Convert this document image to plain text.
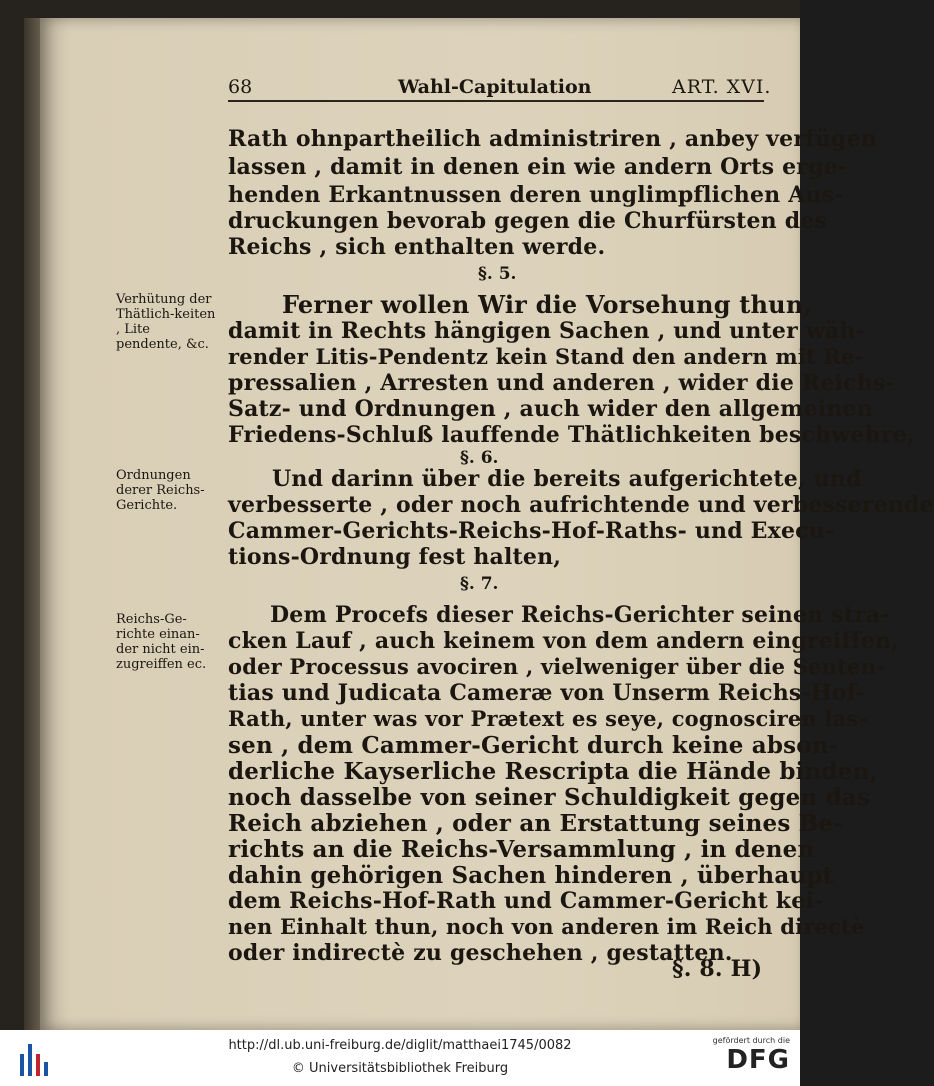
68	Wahl-Capitulation	ART. XVI.
Verhütung der Thätlich-keiten , Lite pendente, &c.
Ordnungen derer Reichs-Gerichte.
Reichs-Ge-richte einan-der nicht ein-zugreiffen ec.
Rath ohnpartheilich administriren , anbey verfügen
lassen , damit in denen ein wie andern Orts erge-
henden Erkantnussen deren unglimpflichen Aus-
druckungen bevorab gegen die Churfürsten des
Reichs , sich enthalten werde.
§. 5.
Ferner wollen Wir die Vorsehung thun,
damit in Rechts hängigen Sachen , und unter wäh-
render Litis-Pendentz kein Stand den andern mit Re-
pressalien , Arresten und anderen , wider die Reichs-
Satz- und Ordnungen , auch wider den allgemeinen
Friedens-Schluß lauffende Thätlichkeiten beschwehre,
§. 6.
Und darinn über die bereits aufgerichtete, und
verbesserte , oder noch aufrichtende und verbesserende
Cammer-Gerichts-Reichs-Hof-Raths- und Execu-
tions-Ordnung fest halten,
§. 7.
Dem Procefs dieser Reichs-Gerichter seinen stra-
cken Lauf , auch keinem von dem andern eingreiffen,
oder Processus avociren , vielweniger über die Senten-
tias und Judicata Cameræ von Unserm Reichs-Hof-
Rath, unter was vor Prætext es seye, cognosciren las-
sen , dem Cammer-Gericht durch keine abson-
derliche Kayserliche Rescripta die Hände binden,
noch dasselbe von seiner Schuldigkeit gegen das
Reich abziehen , oder an Erstattung seines Be-
richts an die Reichs-Versammlung , in denen
dahin gehörigen Sachen hinderen , überhaupt
dem Reichs-Hof-Rath und Cammer-Gericht kei-
nen Einhalt thun, noch von anderen im Reich directè
oder indirectè zu geschehen , gestatten.
§. 8. H)
http://dl.ub.uni-freiburg.de/diglit/matthaei1745/0082
© Universitätsbibliothek Freiburg
gefördert durch die
DFG
